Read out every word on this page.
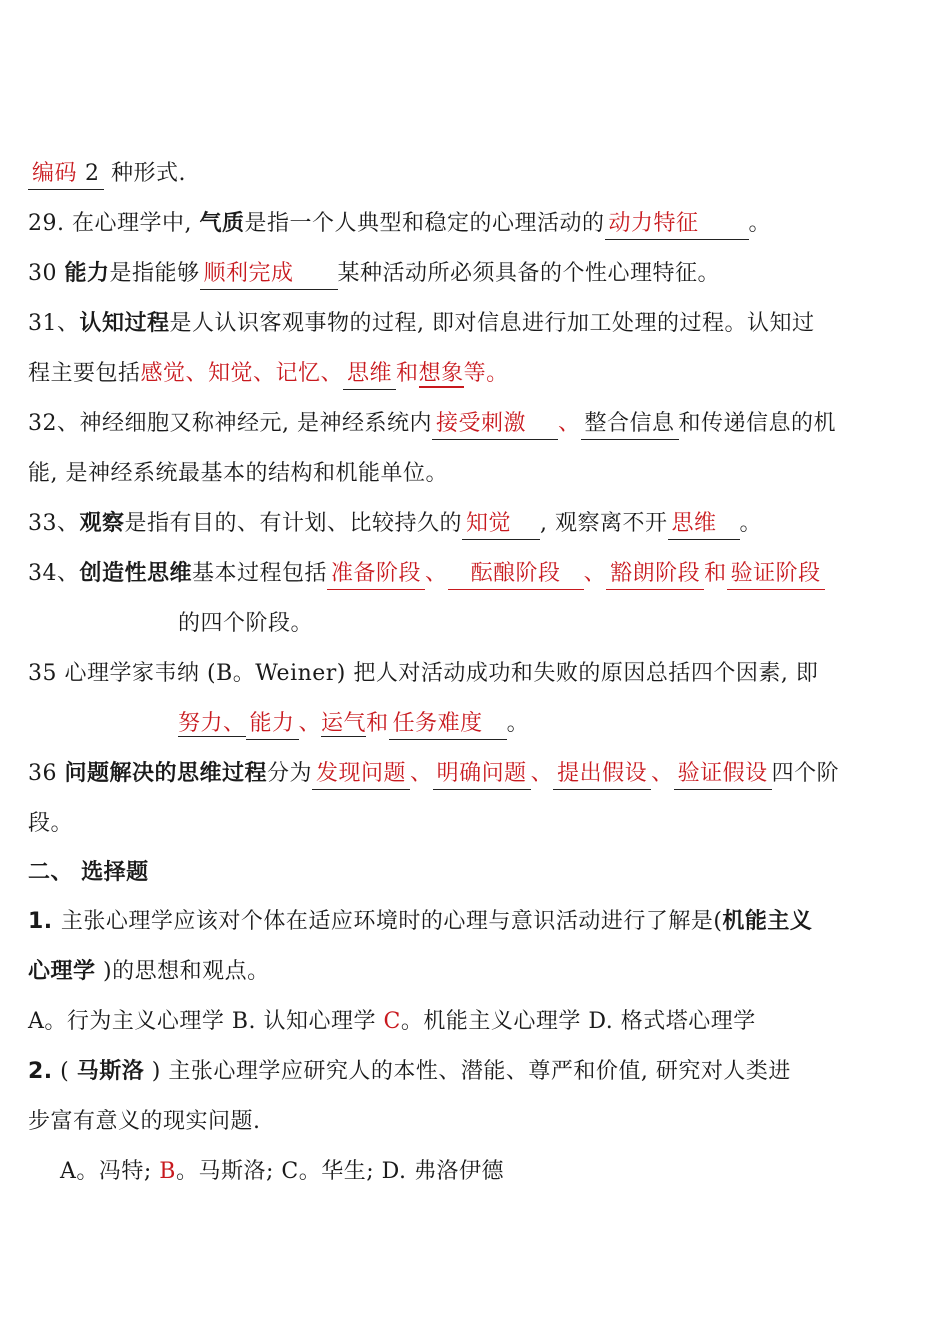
编码 2 种形式.
29. 在心理学中, 气质是指一个人典型和稳定的心理活动的 动力特征 。
30 能力是指能够 顺利完成 某种活动所必须具备的个性心理特征。
31、认知过程是人认识客观事物的过程, 即对信息进行加工处理的过程。认知过
程主要包括感觉、知觉、记忆、 思维 和想象等。
32、神经细胞又称神经元, 是神经系统内 接受刺激 、 整合信息 和传递信息的机
能, 是神经系统最基本的结构和机能单位。
33、观察是指有目的、有计划、比较持久的 知觉 , 观察离不开 思维 。
34、创造性思维基本过程包括 准备阶段 、 酝酿阶段 、 豁朗阶段 和 验证阶段
的四个阶段。
35 心理学家韦纳 (B。Weiner) 把人对活动成功和失败的原因总括四个因素, 即
努力、 能力 、运气和 任务难度 。
36 问题解决的思维过程分为 发现问题 、 明确问题 、 提出假设 、 验证假设 四个阶
段。
二、 选择题
1. 主张心理学应该对个体在适应环境时的心理与意识活动进行了解是(机能主义
心理学 )的思想和观点。
A。行为主义心理学 B. 认知心理学 C。机能主义心理学 D. 格式塔心理学
2. ( 马斯洛 ) 主张心理学应研究人的本性、潜能、尊严和价值, 研究对人类进
步富有意义的现实问题.
A。冯特; B。马斯洛; C。华生; D. 弗洛伊德
